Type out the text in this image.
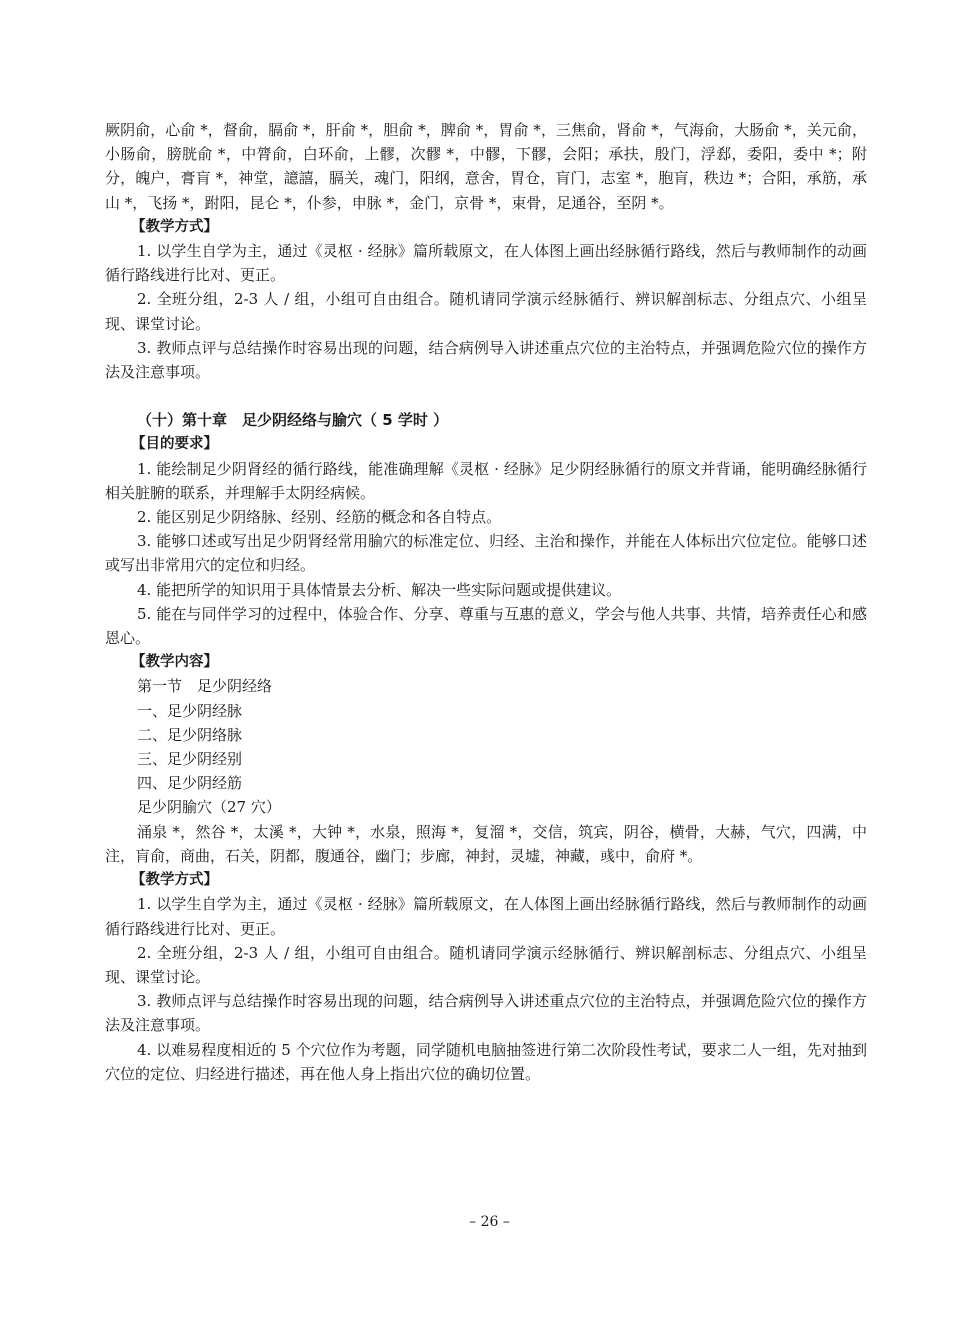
厥阴俞，心俞 *，督俞，膈俞 *，肝俞 *，胆俞 *，脾俞 *，胃俞 *，三焦俞，肾俞 *，气海俞，大肠俞 *，关元俞，小肠俞，膀胱俞 *，中膂俞，白环俞，上髎，次髎 *，中髎，下髎，会阳；承扶，殷门，浮郄，委阳，委中 *；附分，魄户，膏肓 *，神堂，譩譆，膈关，魂门，阳纲，意舍，胃仓，肓门，志室 *，胞肓，秩边 *；合阳，承筋，承山 *，飞扬 *，跗阳，昆仑 *，仆参，申脉 *，金门，京骨 *，束骨，足通谷，至阴 *。

【教学方式】

1. 以学生自学为主，通过《灵枢 · 经脉》篇所载原文，在人体图上画出经脉循行路线，然后与教师制作的动画循行路线进行比对、更正。

2. 全班分组，2-3 人 / 组，小组可自由组合。随机请同学演示经脉循行、辨识解剖标志、分组点穴、小组呈现、课堂讨论。

3. 教师点评与总结操作时容易出现的问题，结合病例导入讲述重点穴位的主治特点，并强调危险穴位的操作方法及注意事项。

（十）第十章　足少阴经络与腧穴（ 5 学时 ）

【目的要求】

1. 能绘制足少阴肾经的循行路线，能准确理解《灵枢 · 经脉》足少阴经脉循行的原文并背诵，能明确经脉循行相关脏腑的联系，并理解手太阴经病候。

2. 能区别足少阴络脉、经别、经筋的概念和各自特点。

3. 能够口述或写出足少阴肾经常用腧穴的标准定位、归经、主治和操作，并能在人体标出穴位定位。能够口述或写出非常用穴的定位和归经。

4. 能把所学的知识用于具体情景去分析、解决一些实际问题或提供建议。

5. 能在与同伴学习的过程中，体验合作、分享、尊重与互惠的意义，学会与他人共事、共情，培养责任心和感恩心。

【教学内容】

第一节　足少阴经络

一、足少阴经脉

二、足少阴络脉

三、足少阴经别

四、足少阴经筋

足少阴腧穴（27 穴）

涌泉 *，然谷 *，太溪 *，大钟 *，水泉，照海 *，复溜 *，交信，筑宾，阴谷，横骨，大赫，气穴，四满，中注，肓俞，商曲，石关，阴都，腹通谷，幽门；步廊，神封，灵墟，神藏，彧中，俞府 *。

【教学方式】

1. 以学生自学为主，通过《灵枢 · 经脉》篇所载原文，在人体图上画出经脉循行路线，然后与教师制作的动画循行路线进行比对、更正。

2. 全班分组，2-3 人 / 组，小组可自由组合。随机请同学演示经脉循行、辨识解剖标志、分组点穴、小组呈现、课堂讨论。

3. 教师点评与总结操作时容易出现的问题，结合病例导入讲述重点穴位的主治特点，并强调危险穴位的操作方法及注意事项。

4. 以难易程度相近的 5 个穴位作为考题，同学随机电脑抽签进行第二次阶段性考试，要求二人一组，先对抽到穴位的定位、归经进行描述，再在他人身上指出穴位的确切位置。

– 26 –
